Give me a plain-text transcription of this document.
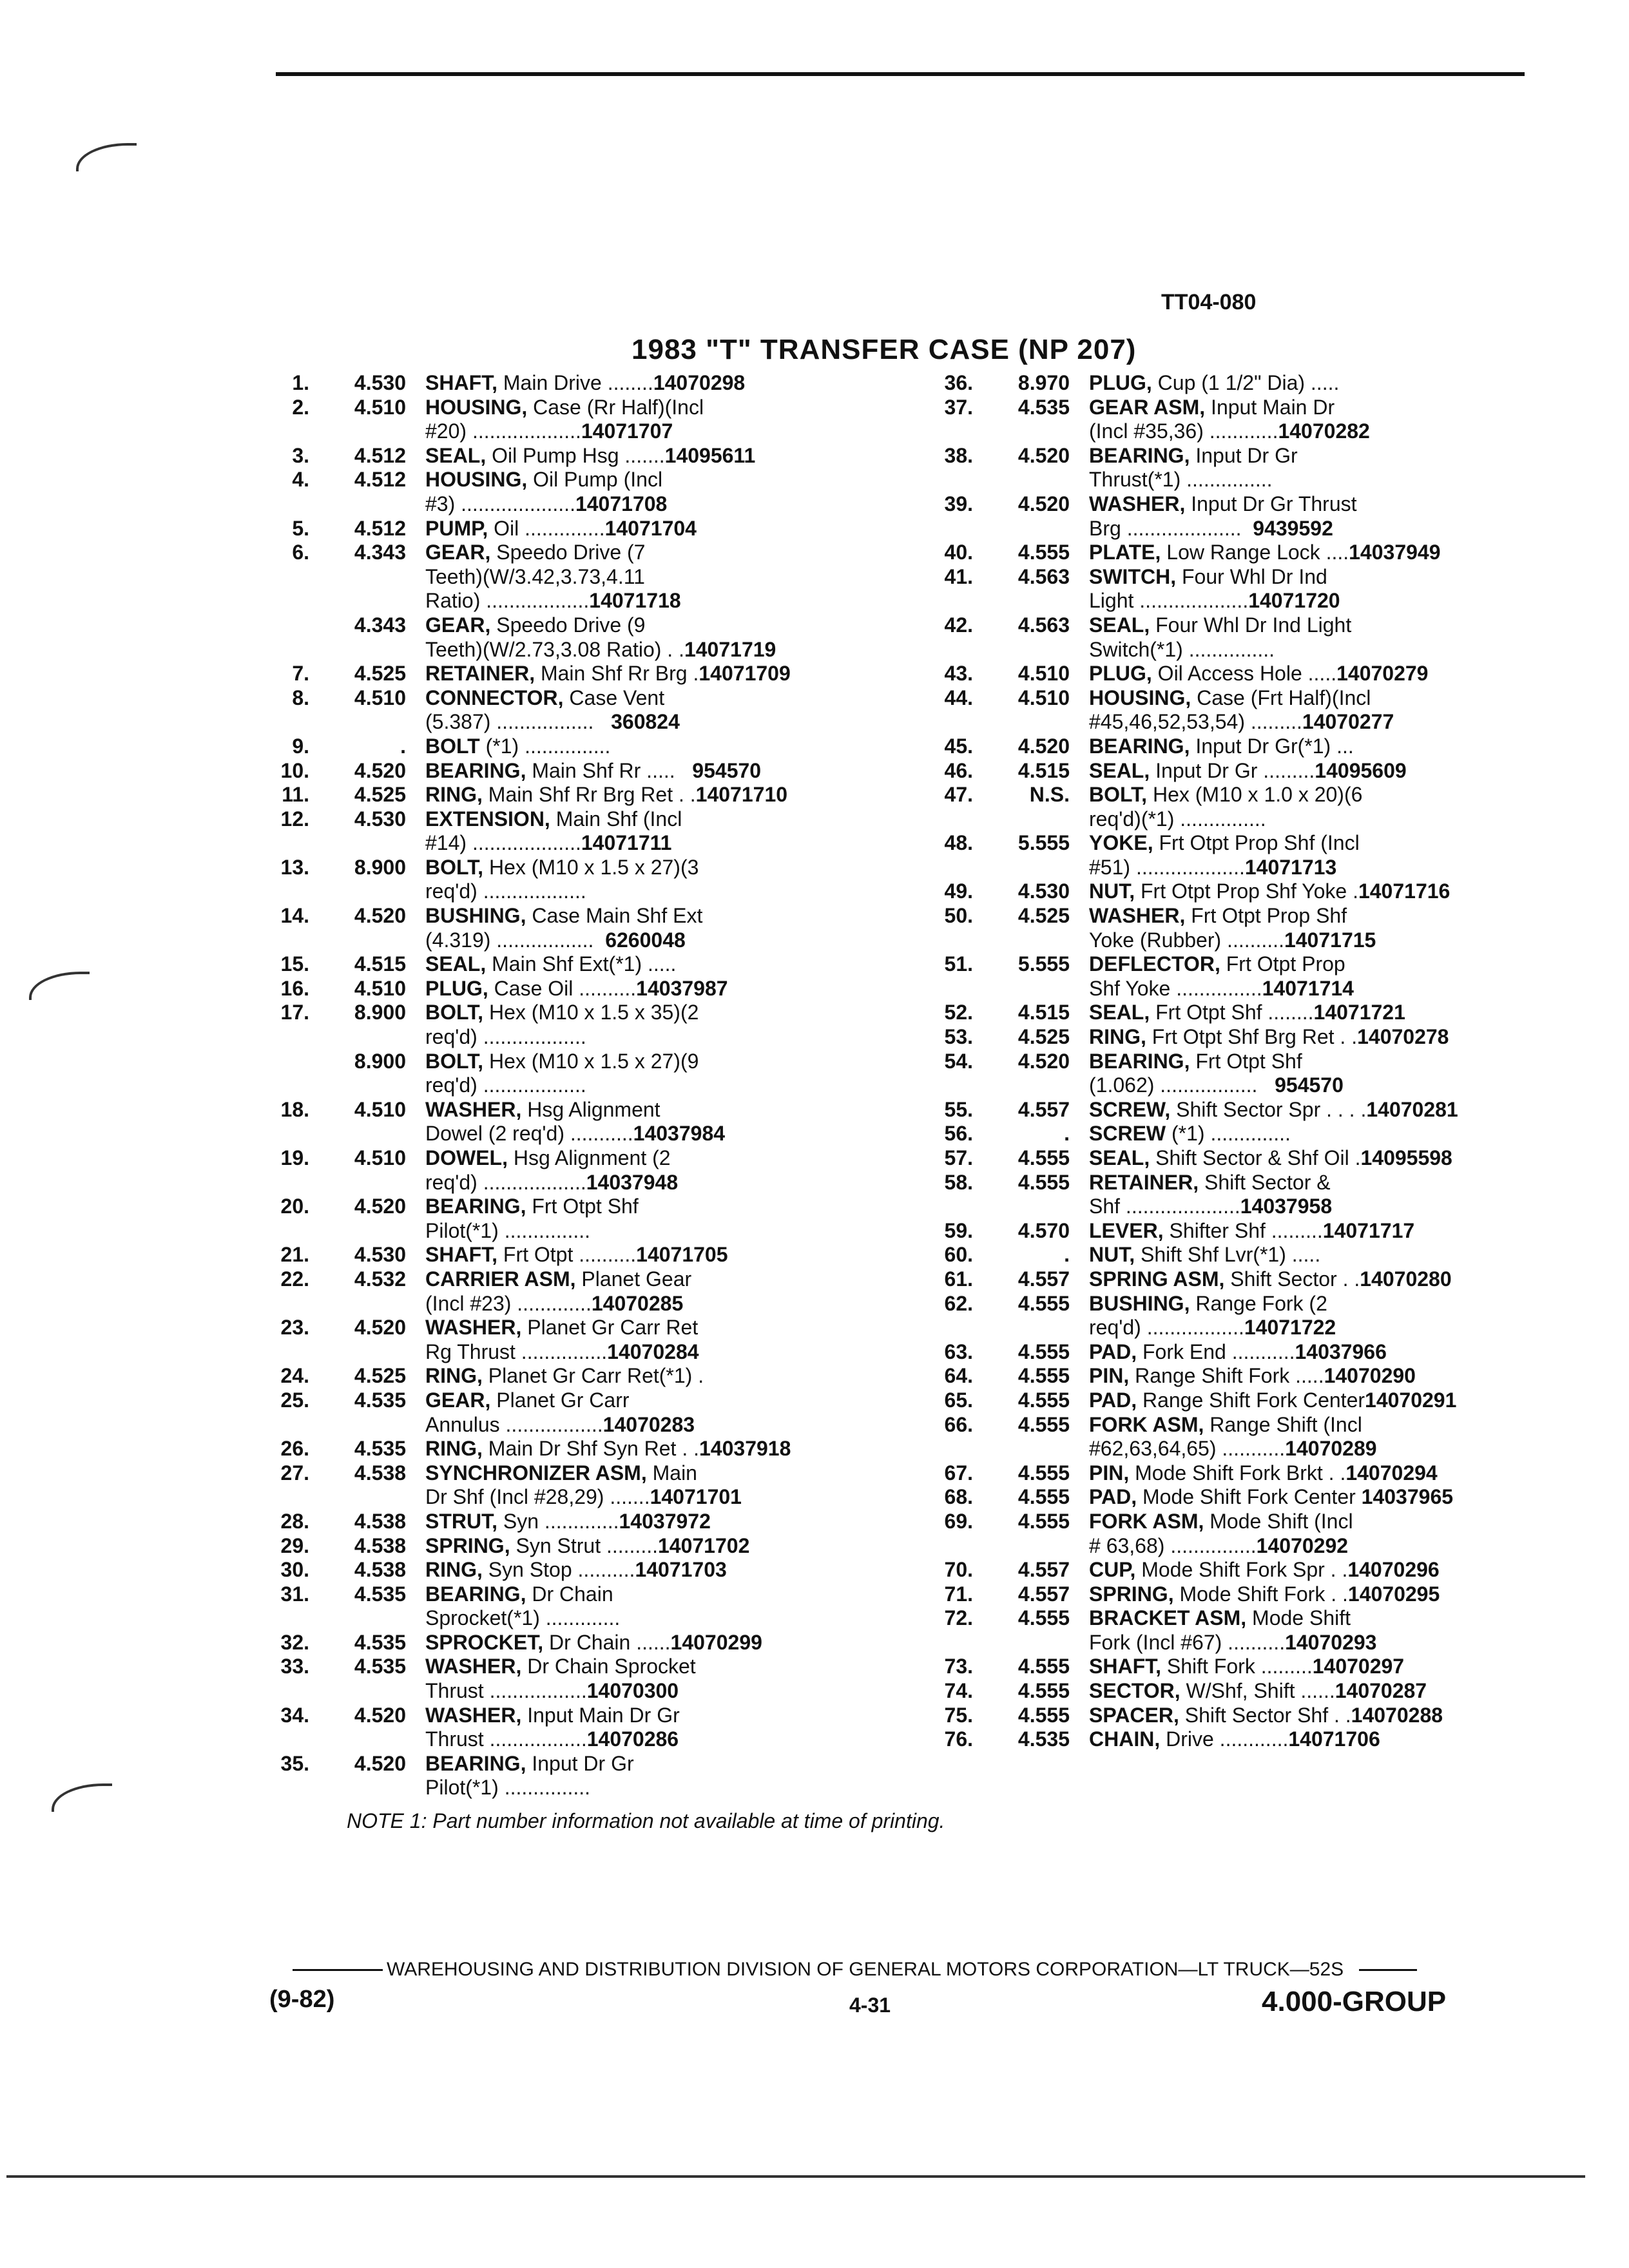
TT04-080
1983 "T" TRANSFER CASE (NP 207)
1.	4.530 SHAFT, Main Drive ........14070298
2.	4.510 HOUSING, Case (Rr Half)(Incl
#20) ...................14071707
3.	4.512 SEAL, Oil Pump Hsg .......14095611
4.	4.512 HOUSING, Oil Pump (Incl
#3) ....................14071708
5.	4.512 PUMP, Oil ..............14071704
6.	4.343 GEAR, Speedo Drive (7
Teeth)(W/3.42,3.73,4.11
Ratio) ..................14071718
4.343 GEAR, Speedo Drive (9
Teeth)(W/2.73,3.08 Ratio) . .14071719
7.	4.525 RETAINER, Main Shf Rr Brg .14071709
8.	4.510 CONNECTOR, Case Vent
(5.387) .................   360824
9.	. BOLT (*1) ...............
10.	4.520 BEARING, Main Shf Rr .....   954570
11.	4.525 RING, Main Shf Rr Brg Ret . .14071710
12.	4.530 EXTENSION, Main Shf (Incl
#14) ...................14071711
13.	8.900 BOLT, Hex (M10 x 1.5 x 27)(3
req'd) ..................
14.	4.520 BUSHING, Case Main Shf Ext
(4.319) .................  6260048
15.	4.515 SEAL, Main Shf Ext(*1) .....
16.	4.510 PLUG, Case Oil ..........14037987
17.	8.900 BOLT, Hex (M10 x 1.5 x 35)(2
req'd) ..................
8.900 BOLT, Hex (M10 x 1.5 x 27)(9
req'd) ..................
18.	4.510 WASHER, Hsg Alignment
Dowel (2 req'd) ...........14037984
19.	4.510 DOWEL, Hsg Alignment (2
req'd) ..................14037948
20.	4.520 BEARING, Frt Otpt Shf
Pilot(*1) ...............
21.	4.530 SHAFT, Frt Otpt ..........14071705
22.	4.532 CARRIER ASM, Planet Gear
(Incl #23) .............14070285
23.	4.520 WASHER, Planet Gr Carr Ret
Rg Thrust ...............14070284
24.	4.525 RING, Planet Gr Carr Ret(*1) .
25.	4.535 GEAR, Planet Gr Carr
Annulus .................14070283
26.	4.535 RING, Main Dr Shf Syn Ret . .14037918
27.	4.538 SYNCHRONIZER ASM, Main
Dr Shf (Incl #28,29) .......14071701
28.	4.538 STRUT, Syn .............14037972
29.	4.538 SPRING, Syn Strut .........14071702
30.	4.538 RING, Syn Stop ..........14071703
31.	4.535 BEARING, Dr Chain
Sprocket(*1) .............
32.	4.535 SPROCKET, Dr Chain ......14070299
33.	4.535 WASHER, Dr Chain Sprocket
Thrust .................14070300
34.	4.520 WASHER, Input Main Dr Gr
Thrust .................14070286
35.	4.520 BEARING, Input Dr Gr
Pilot(*1) ...............
36.	8.970 PLUG, Cup (1 1/2" Dia) .....
37.	4.535 GEAR ASM, Input Main Dr
(Incl #35,36) ............14070282
38.	4.520 BEARING, Input Dr Gr
Thrust(*1) ...............
39.	4.520 WASHER, Input Dr Gr Thrust
Brg ....................  9439592
40.	4.555 PLATE, Low Range Lock ....14037949
41.	4.563 SWITCH, Four Whl Dr Ind
Light ...................14071720
42.	4.563 SEAL, Four Whl Dr Ind Light
Switch(*1) ...............
43.	4.510 PLUG, Oil Access Hole .....14070279
44.	4.510 HOUSING, Case (Frt Half)(Incl
#45,46,52,53,54) .........14070277
45.	4.520 BEARING, Input Dr Gr(*1) ...
46.	4.515 SEAL, Input Dr Gr .........14095609
47.	N.S. BOLT, Hex (M10 x 1.0 x 20)(6
req'd)(*1) ...............
48.	5.555 YOKE, Frt Otpt Prop Shf (Incl
#51) ...................14071713
49.	4.530 NUT, Frt Otpt Prop Shf Yoke .14071716
50.	4.525 WASHER, Frt Otpt Prop Shf
Yoke (Rubber) ..........14071715
51.	5.555 DEFLECTOR, Frt Otpt Prop
Shf Yoke ...............14071714
52.	4.515 SEAL, Frt Otpt Shf ........14071721
53.	4.525 RING, Frt Otpt Shf Brg Ret . .14070278
54.	4.520 BEARING, Frt Otpt Shf
(1.062) .................   954570
55.	4.557 SCREW, Shift Sector Spr . . . .14070281
56.	. SCREW (*1) ..............
57.	4.555 SEAL, Shift Sector & Shf Oil .14095598
58.	4.555 RETAINER, Shift Sector &
Shf ....................14037958
59.	4.570 LEVER, Shifter Shf .........14071717
60.	. NUT, Shift Shf Lvr(*1) .....
61.	4.557 SPRING ASM, Shift Sector . .14070280
62.	4.555 BUSHING, Range Fork (2
req'd) .................14071722
63.	4.555 PAD, Fork End ...........14037966
64.	4.555 PIN, Range Shift Fork .....14070290
65.	4.555 PAD, Range Shift Fork Center14070291
66.	4.555 FORK ASM, Range Shift (Incl
#62,63,64,65) ...........14070289
67.	4.555 PIN, Mode Shift Fork Brkt . .14070294
68.	4.555 PAD, Mode Shift Fork Center 14037965
69.	4.555 FORK ASM, Mode Shift (Incl
# 63,68) ...............14070292
70.	4.557 CUP, Mode Shift Fork Spr . .14070296
71.	4.557 SPRING, Mode Shift Fork . .14070295
72.	4.555 BRACKET ASM, Mode Shift
Fork (Incl #67) ..........14070293
73.	4.555 SHAFT, Shift Fork .........14070297
74.	4.555 SECTOR, W/Shf, Shift ......14070287
75.	4.555 SPACER, Shift Sector Shf . .14070288
76.	4.535 CHAIN, Drive ............14071706
NOTE 1: Part number information not available at time of printing.
WAREHOUSING AND DISTRIBUTION DIVISION OF GENERAL MOTORS CORPORATION—LT TRUCK—52S
(9-82)	4-31	4.000-GROUP
